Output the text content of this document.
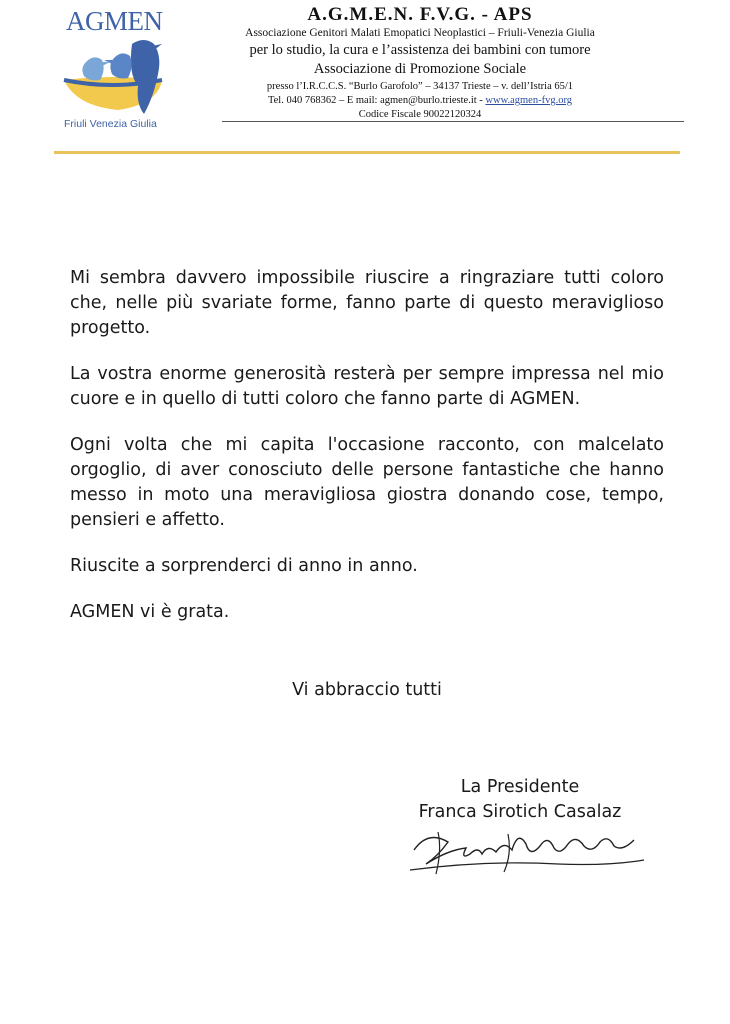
AGMEN
Friuli Venezia Giulia
A.G.M.E.N. F.V.G. - APS
Associazione Genitori Malati Emopatici Neoplastici – Friuli-Venezia Giulia
per lo studio, la cura e l’assistenza dei bambini con tumore
Associazione di Promozione Sociale
presso l’I.R.C.C.S. “Burlo Garofolo” – 34137 Trieste – v. dell’Istria 65/1
Tel. 040 768362 – E mail: agmen@burlo.trieste.it - www.agmen-fvg.org
Codice Fiscale 90022120324

Mi sembra davvero impossibile riuscire a ringraziare tutti coloro che, nelle più svariate forme, fanno parte di questo meraviglioso progetto.

La vostra enorme generosità resterà per sempre impressa nel mio cuore e in quello di tutti coloro che fanno parte di AGMEN.

Ogni volta che mi capita l'occasione racconto, con malcelato orgoglio, di aver conosciuto delle persone fantastiche che hanno messo in moto una meravigliosa giostra donando cose, tempo, pensieri e affetto.

Riuscite a sorprenderci di anno in anno.

AGMEN vi è grata.

Vi abbraccio tutti
La Presidente
Franca Sirotich Casalaz
